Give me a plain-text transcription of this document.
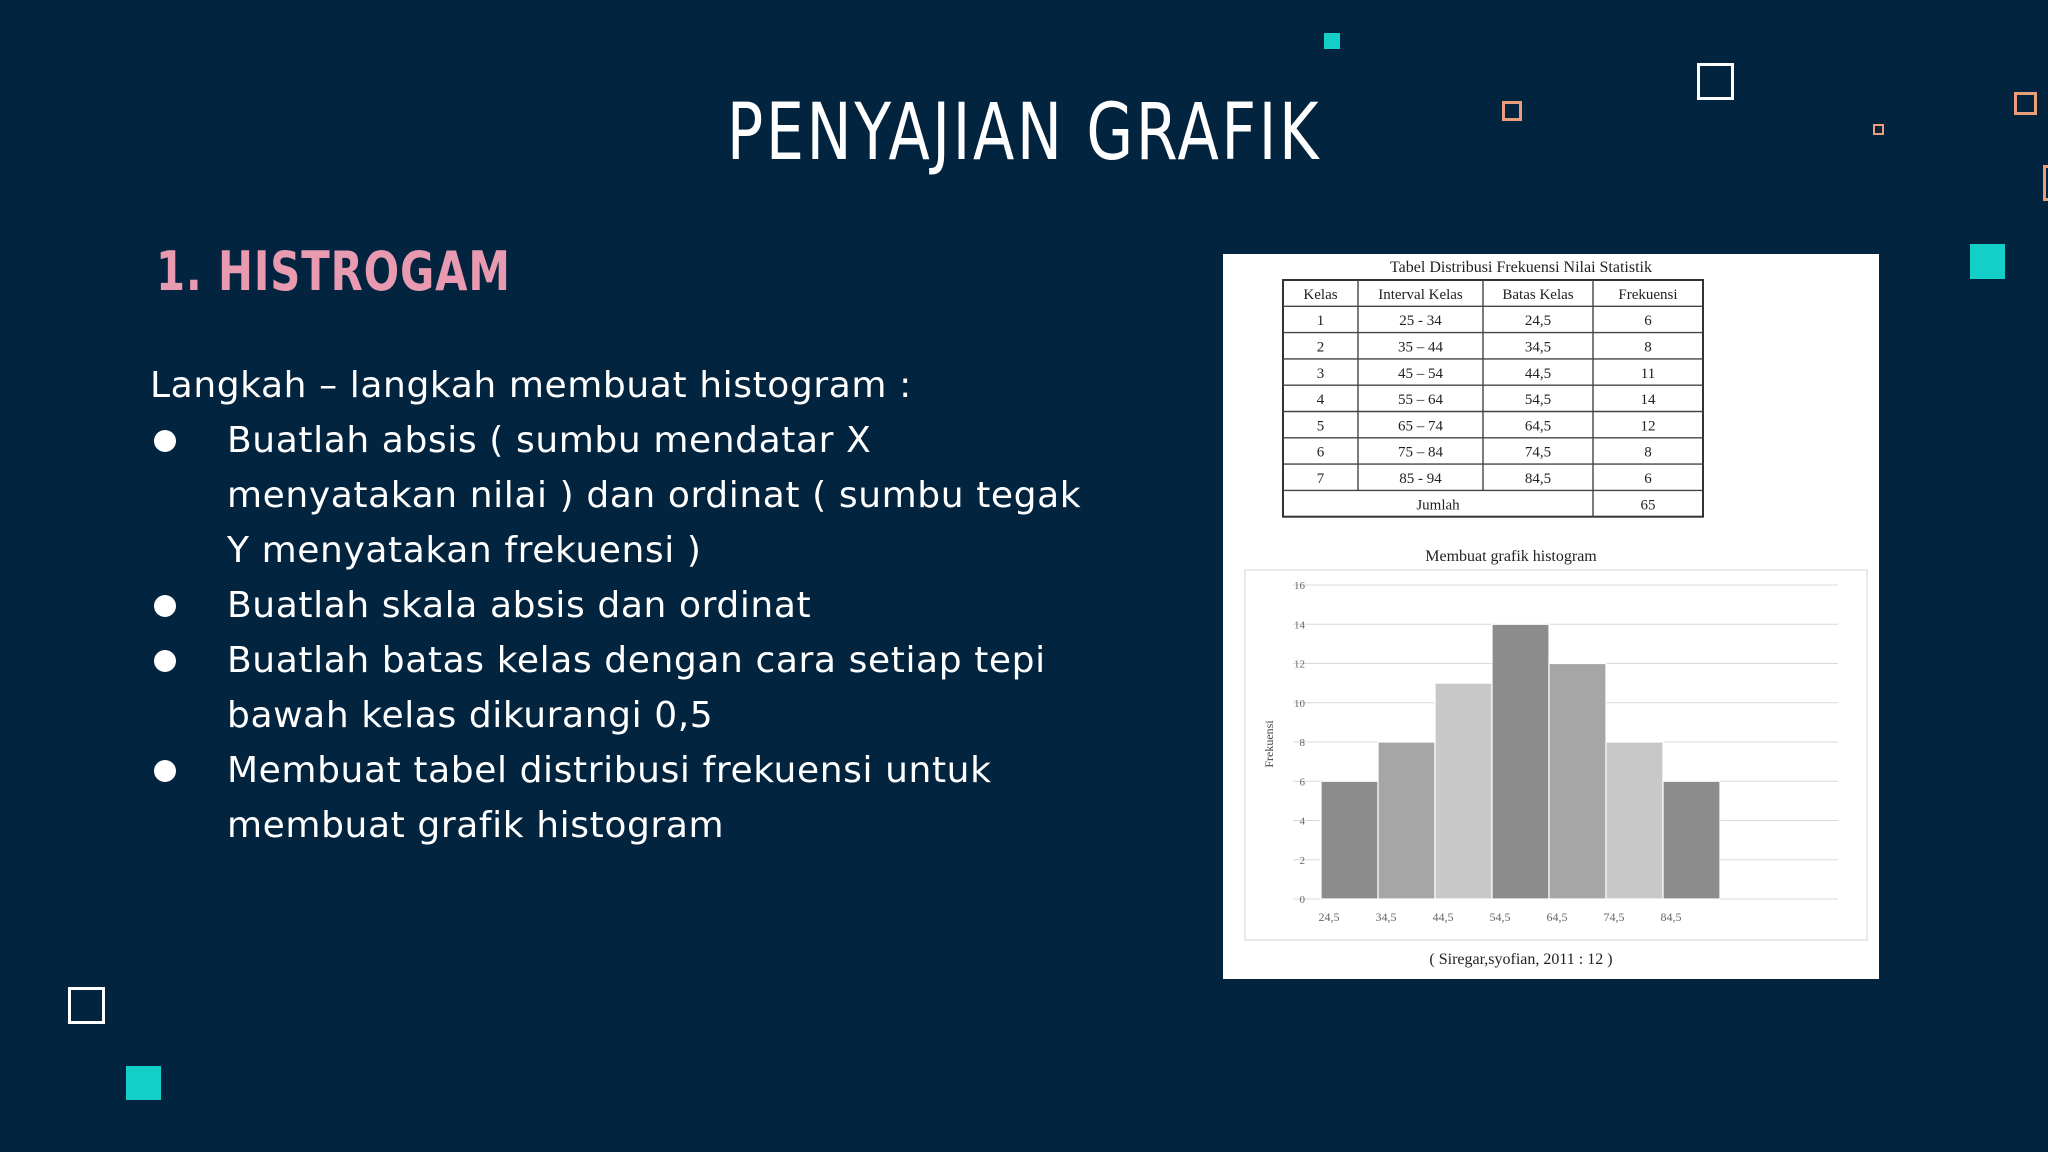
PENYAJIAN GRAFIK
1. HISTROGAM
Langkah – langkah membuat histogram :
Buatlah absis ( sumbu mendatar X menyatakan nilai ) dan ordinat ( sumbu tegak Y menyatakan frekuensi )
Buatlah skala absis dan ordinat
Buatlah batas kelas dengan cara setiap tepi bawah kelas dikurangi 0,5
Membuat tabel distribusi frekuensi untuk membuat grafik histogram
Tabel Distribusi Frekuensi Nilai Statistik
Kelas	Interval Kelas	Batas Kelas	Frekuensi
1	25 - 34	24,5	6
2	35 – 44	34,5	8
3	45 – 54	44,5	11
4	55 – 64	54,5	14
5	65 – 74	64,5	12
6	75 – 84	74,5	8
7	85 - 94	84,5	6
Jumlah	65
Membuat grafik histogram
0
2
4
6
8
10
12
14
16
24,5	34,5	44,5	54,5	64,5	74,5	84,5
Frekuensi
( Siregar,syofian, 2011 : 12 )
